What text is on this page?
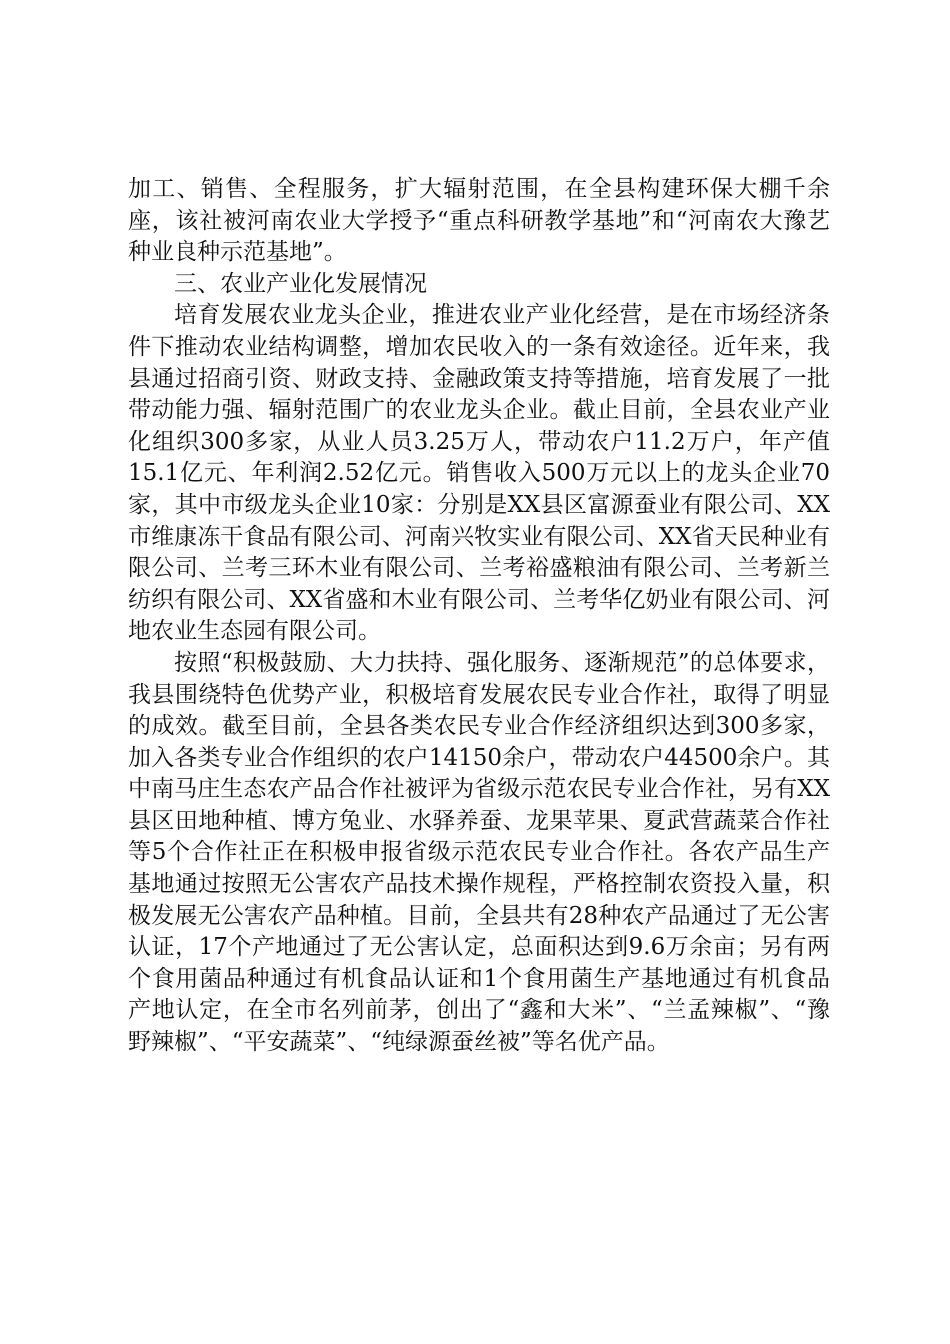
加工、销售、全程服务，扩大辐射范围，在全县构建环保大棚千余座，该社被河南农业大学授予“重点科研教学基地”和“河南农大豫艺种业良种示范基地”。

三、农业产业化发展情况

培育发展农业龙头企业，推进农业产业化经营，是在市场经济条件下推动农业结构调整，增加农民收入的一条有效途径。近年来，我县通过招商引资、财政支持、金融政策支持等措施，培育发展了一批带动能力强、辐射范围广的农业龙头企业。截止目前，全县农业产业化组织300多家，从业人员3.25万人，带动农户11.2万户，年产值15.1亿元、年利润2.52亿元。销售收入500万元以上的龙头企业70家，其中市级龙头企业10家：分别是XX县区富源蚕业有限公司、XX市维康冻干食品有限公司、河南兴牧实业有限公司、XX省天民种业有限公司、兰考三环木业有限公司、兰考裕盛粮油有限公司、兰考新兰纺织有限公司、XX省盛和木业有限公司、兰考华亿奶业有限公司、河地农业生态园有限公司。

按照“积极鼓励、大力扶持、强化服务、逐渐规范”的总体要求，我县围绕特色优势产业，积极培育发展农民专业合作社，取得了明显的成效。截至目前，全县各类农民专业合作经济组织达到300多家，加入各类专业合作组织的农户14150余户，带动农户44500余户。其中南马庄生态农产品合作社被评为省级示范农民专业合作社，另有XX县区田地种植、博方兔业、水驿养蚕、龙果苹果、夏武营蔬菜合作社等5个合作社正在积极申报省级示范农民专业合作社。各农产品生产基地通过按照无公害农产品技术操作规程，严格控制农资投入量，积极发展无公害农产品种植。目前，全县共有28种农产品通过了无公害认证，17个产地通过了无公害认定，总面积达到9.6万余亩；另有两个食用菌品种通过有机食品认证和1个食用菌生产基地通过有机食品产地认定，在全市名列前茅，创出了“鑫和大米”、“兰孟辣椒”、“豫野辣椒”、“平安蔬菜”、“纯绿源蚕丝被”等名优产品。
